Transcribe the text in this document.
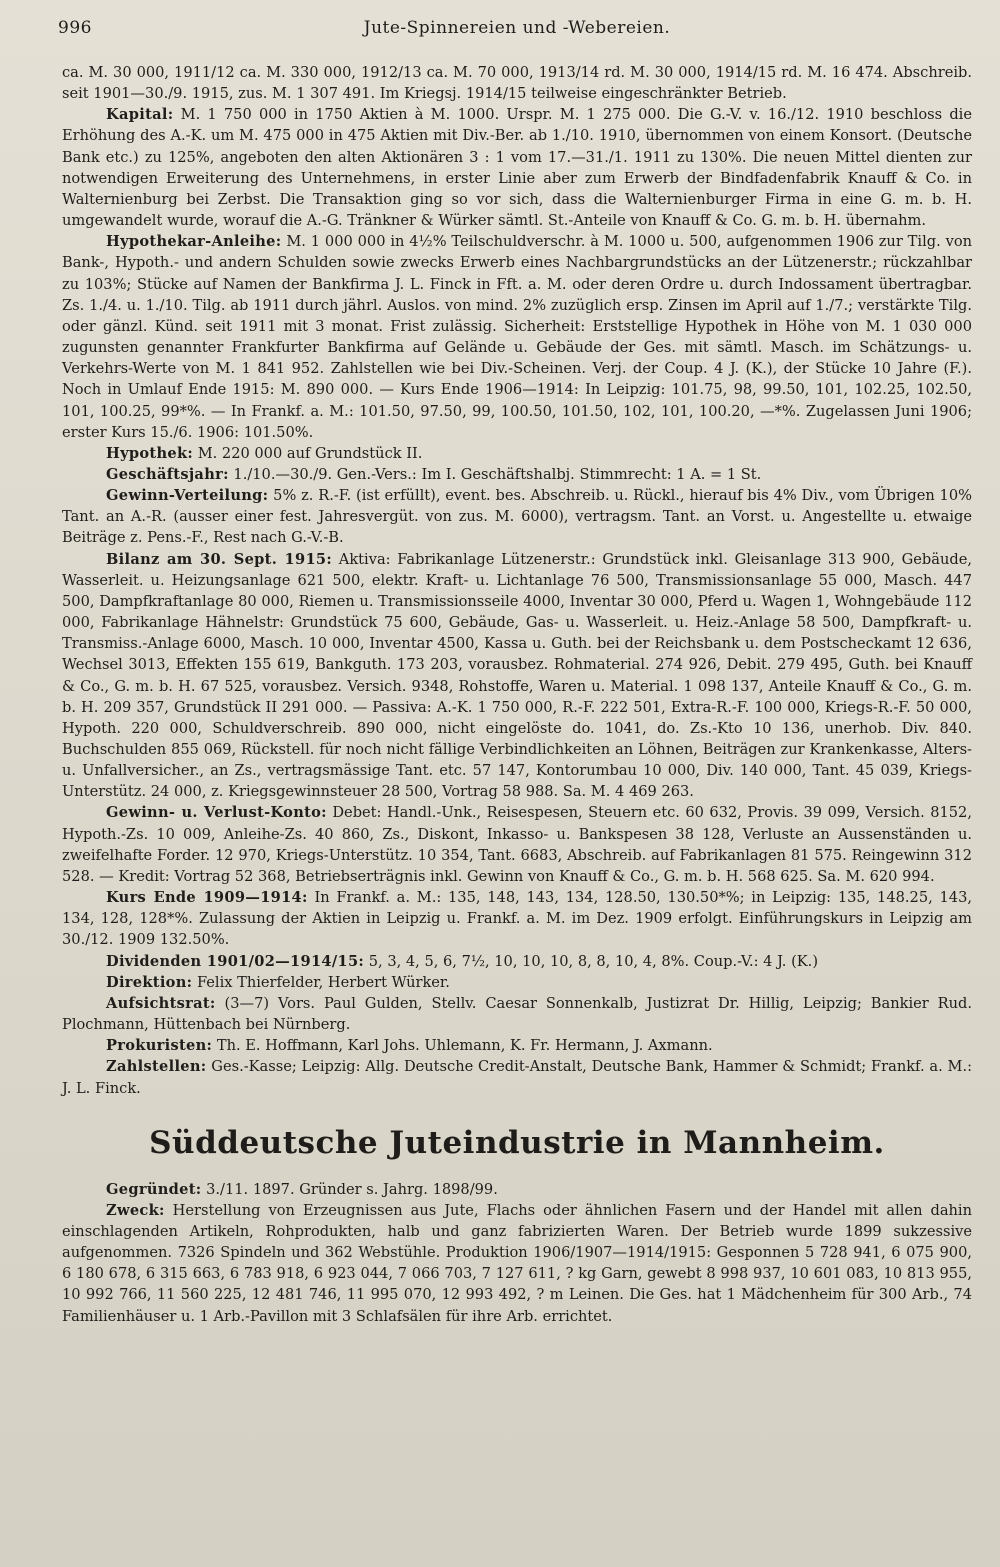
996	Jute-Spinnereien und -Webereien.

ca. M. 30 000, 1911/12 ca. M. 330 000, 1912/13 ca. M. 70 000, 1913/14 rd. M. 30 000, 1914/15 rd. M. 16 474. Abschreib. seit 1901—30./9. 1915, zus. M. 1 307 491. Im Kriegsj. 1914/15 teilweise eingeschränkter Betrieb.

Kapital: M. 1 750 000 in 1750 Aktien à M. 1000. Urspr. M. 1 275 000. Die G.-V. v. 16./12. 1910 beschloss die Erhöhung des A.-K. um M. 475 000 in 475 Aktien mit Div.-Ber. ab 1./10. 1910, übernommen von einem Konsort. (Deutsche Bank etc.) zu 125%, angeboten den alten Aktionären 3 : 1 vom 17.—31./1. 1911 zu 130%. Die neuen Mittel dienten zur notwendigen Erweiterung des Unternehmens, in erster Linie aber zum Erwerb der Bindfadenfabrik Knauff & Co. in Walternienburg bei Zerbst. Die Transaktion ging so vor sich, dass die Walternienburger Firma in eine G. m. b. H. umgewandelt wurde, worauf die A.-G. Tränkner & Würker sämtl. St.-Anteile von Knauff & Co. G. m. b. H. übernahm.

Hypothekar-Anleihe: M. 1 000 000 in 4½% Teilschuldverschr. à M. 1000 u. 500, aufgenommen 1906 zur Tilg. von Bank-, Hypoth.- und andern Schulden sowie zwecks Erwerb eines Nachbargrundstücks an der Lützenerstr.; rückzahlbar zu 103%; Stücke auf Namen der Bankfirma J. L. Finck in Fft. a. M. oder deren Ordre u. durch Indossament übertragbar. Zs. 1./4. u. 1./10. Tilg. ab 1911 durch jährl. Auslos. von mind. 2% zuzüglich ersp. Zinsen im April auf 1./7.; verstärkte Tilg. oder gänzl. Künd. seit 1911 mit 3 monat. Frist zulässig. Sicherheit: Erststellige Hypothek in Höhe von M. 1 030 000 zugunsten genannter Frankfurter Bankfirma auf Gelände u. Gebäude der Ges. mit sämtl. Masch. im Schätzungs- u. Verkehrs-Werte von M. 1 841 952. Zahlstellen wie bei Div.-Scheinen. Verj. der Coup. 4 J. (K.), der Stücke 10 Jahre (F.). Noch in Umlauf Ende 1915: M. 890 000. — Kurs Ende 1906—1914: In Leipzig: 101.75, 98, 99.50, 101, 102.25, 102.50, 101, 100.25, 99*%. — In Frankf. a. M.: 101.50, 97.50, 99, 100.50, 101.50, 102, 101, 100.20, —*%. Zugelassen Juni 1906; erster Kurs 15./6. 1906: 101.50%.

Hypothek: M. 220 000 auf Grundstück II.

Geschäftsjahr: 1./10.—30./9. Gen.-Vers.: Im I. Geschäftshalbj. Stimmrecht: 1 A. = 1 St.

Gewinn-Verteilung: 5% z. R.-F. (ist erfüllt), event. bes. Abschreib. u. Rückl., hierauf bis 4% Div., vom Übrigen 10% Tant. an A.-R. (ausser einer fest. Jahresvergüt. von zus. M. 6000), vertragsm. Tant. an Vorst. u. Angestellte u. etwaige Beiträge z. Pens.-F., Rest nach G.-V.-B.

Bilanz am 30. Sept. 1915: Aktiva: Fabrikanlage Lützenerstr.: Grundstück inkl. Gleisanlage 313 900, Gebäude, Wasserleit. u. Heizungsanlage 621 500, elektr. Kraft- u. Lichtanlage 76 500, Transmissionsanlage 55 000, Masch. 447 500, Dampfkraftanlage 80 000, Riemen u. Transmissionsseile 4000, Inventar 30 000, Pferd u. Wagen 1, Wohngebäude 112 000, Fabrikanlage Hähnelstr: Grundstück 75 600, Gebäude, Gas- u. Wasserleit. u. Heiz.-Anlage 58 500, Dampfkraft- u. Transmiss.-Anlage 6000, Masch. 10 000, Inventar 4500, Kassa u. Guth. bei der Reichsbank u. dem Postscheckamt 12 636, Wechsel 3013, Effekten 155 619, Bankguth. 173 203, vorausbez. Rohmaterial. 274 926, Debit. 279 495, Guth. bei Knauff & Co., G. m. b. H. 67 525, vorausbez. Versich. 9348, Rohstoffe, Waren u. Material. 1 098 137, Anteile Knauff & Co., G. m. b. H. 209 357, Grundstück II 291 000. — Passiva: A.-K. 1 750 000, R.-F. 222 501, Extra-R.-F. 100 000, Kriegs-R.-F. 50 000, Hypoth. 220 000, Schuldverschreib. 890 000, nicht eingelöste do. 1041, do. Zs.-Kto 10 136, unerhob. Div. 840. Buchschulden 855 069, Rückstell. für noch nicht fällige Verbindlichkeiten an Löhnen, Beiträgen zur Krankenkasse, Alters- u. Unfallversicher., an Zs., vertragsmässige Tant. etc. 57 147, Kontorumbau 10 000, Div. 140 000, Tant. 45 039, Kriegs-Unterstütz. 24 000, z. Kriegsgewinnsteuer 28 500, Vortrag 58 988. Sa. M. 4 469 263.

Gewinn- u. Verlust-Konto: Debet: Handl.-Unk., Reisespesen, Steuern etc. 60 632, Provis. 39 099, Versich. 8152, Hypoth.-Zs. 10 009, Anleihe-Zs. 40 860, Zs., Diskont, Inkasso- u. Bankspesen 38 128, Verluste an Aussenständen u. zweifelhafte Forder. 12 970, Kriegs-Unterstütz. 10 354, Tant. 6683, Abschreib. auf Fabrikanlagen 81 575. Reingewinn 312 528. — Kredit: Vortrag 52 368, Betriebserträgnis inkl. Gewinn von Knauff & Co., G. m. b. H. 568 625. Sa. M. 620 994.

Kurs Ende 1909—1914: In Frankf. a. M.: 135, 148, 143, 134, 128.50, 130.50*%; in Leipzig: 135, 148.25, 143, 134, 128, 128*%. Zulassung der Aktien in Leipzig u. Frankf. a. M. im Dez. 1909 erfolgt. Einführungskurs in Leipzig am 30./12. 1909 132.50%.

Dividenden 1901/02—1914/15: 5, 3, 4, 5, 6, 7½, 10, 10, 10, 8, 8, 10, 4, 8%. Coup.-V.: 4 J. (K.)

Direktion: Felix Thierfelder, Herbert Würker.

Aufsichtsrat: (3—7) Vors. Paul Gulden, Stellv. Caesar Sonnenkalb, Justizrat Dr. Hillig, Leipzig; Bankier Rud. Plochmann, Hüttenbach bei Nürnberg.

Prokuristen: Th. E. Hoffmann, Karl Johs. Uhlemann, K. Fr. Hermann, J. Axmann.

Zahlstellen: Ges.-Kasse; Leipzig: Allg. Deutsche Credit-Anstalt, Deutsche Bank, Hammer & Schmidt; Frankf. a. M.: J. L. Finck.

Süddeutsche Juteindustrie in Mannheim.

Gegründet: 3./11. 1897. Gründer s. Jahrg. 1898/99.

Zweck: Herstellung von Erzeugnissen aus Jute, Flachs oder ähnlichen Fasern und der Handel mit allen dahin einschlagenden Artikeln, Rohprodukten, halb und ganz fabrizierten Waren. Der Betrieb wurde 1899 sukzessive aufgenommen. 7326 Spindeln und 362 Webstühle. Produktion 1906/1907—1914/1915: Gesponnen 5 728 941, 6 075 900, 6 180 678, 6 315 663, 6 783 918, 6 923 044, 7 066 703, 7 127 611, ? kg Garn, gewebt 8 998 937, 10 601 083, 10 813 955, 10 992 766, 11 560 225, 12 481 746, 11 995 070, 12 993 492, ? m Leinen. Die Ges. hat 1 Mädchenheim für 300 Arb., 74 Familienhäuser u. 1 Arb.-Pavillon mit 3 Schlafsälen für ihre Arb. errichtet.
